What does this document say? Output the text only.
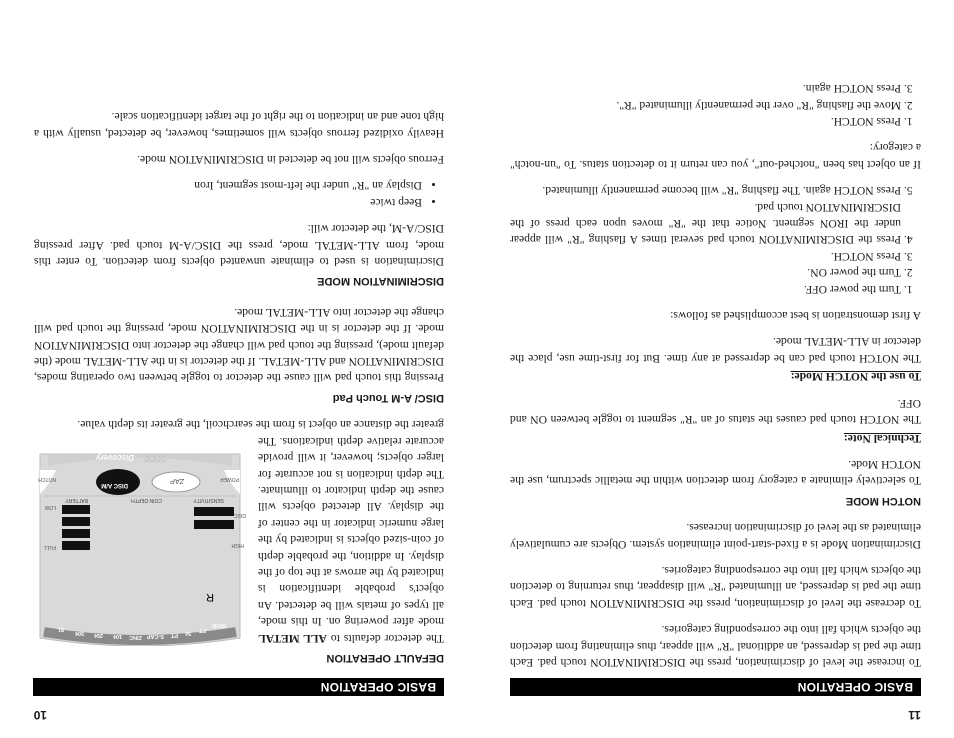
11
BASIC OPERATION

To increase the level of discrimination, press the DISCRIMINATION touch pad. Each time the pad is depressed, an additional "R" will appear, thus eliminating from detection the objects which fall into the corresponding categories.

To decrease the level of discrimination, press the DISCRIMINATION touch pad. Each time the pad is depressed, an illuminated "R" will disappear, thus returning to detection the objects which fall into the corresponding categories.

Discrimination Mode is a fixed-start-point elimination system. Objects are cumulatively eliminated as the level of discrimination increases.

NOTCH MODE

To selectively eliminate a category from detection within the metallic spectrum, use the NOTCH Mode.

Technical Note:

The NOTCH touch pad causes the status of an "R" segment to toggle between ON and OFF.

To use the NOTCH Mode:

The NOTCH touch pad can be depressed at any time. But for first-time use, place the detector in ALL-METAL mode.

A first demonstration is best accomplished as follows:

1. Turn the power OFF.
2. Turn the power ON.
3. Press NOTCH.
4. Press the DISCRIMINATION touch pad several times A flashing "R" will appear under the IRON segment. Notice that the "R" moves upon each press of the DISCRIMINATION touch pad.
5. Press NOTCH again. The flashing "R" will become permanently illuminated.

If an object has been "notched-out", you can return it to detection status. To "un-notch" a category:

1. Press NOTCH.
2. Move the flashing "R" over the permanently illuminated "R".
3. Press NOTCH again.
10
BASIC OPERATION
DEFAULT OPERATION
IRON
PT
5¢
PT
S-CAP
ZINC
10¢
25¢
50¢
$1
R
FULL
LOW
HIGH
DISC
SENSITIVITY
COIN DEPTH
BATTERY
POWER
NOTCH	ZAP
DISC A/M
Discovery 2200

The detector defaults to ALL METAL mode after powering on. In this mode, all types of metals will be detected. An object's probable identification is indicated by the arrows at the top of the display. In addition, the probable depth of coin-sized objects is indicated by the large numeric indicator in the center of the display. All detected objects will cause the depth indicator to illuminate. The depth indication is not accurate for larger objects; however, it will provide accurate relative depth indications. The greater the distance an object is from the searchcoil, the greater its depth value.

DISC/ A-M Touch Pad

Pressing this touch pad will cause the detector to toggle between two operating modes, DISCRIMINATION and ALL-METAL. If the detector is in the ALL-METAL mode (the default mode), pressing the touch pad will change the detector into DISCRIMINATION mode. If the detector is in the DISCRIMINATION mode, pressing the touch pad will change the detector into ALL-METAL mode.

DISCRIMINATION MODE

Discrimination is used to eliminate unwanted objects from detection. To enter this mode, from ALL-METAL mode, press the DISC/A-M touch pad. After pressing DISC/A-M, the detector will:

• Beep twice
• Display an "R" under the left-most segment, Iron

Ferrous objects will not be detected in DISCRIMINATION mode.

Heavily oxidized ferrous objects will sometimes, however, be detected, usually with a high tone and an indication to the right of the target identification scale.
